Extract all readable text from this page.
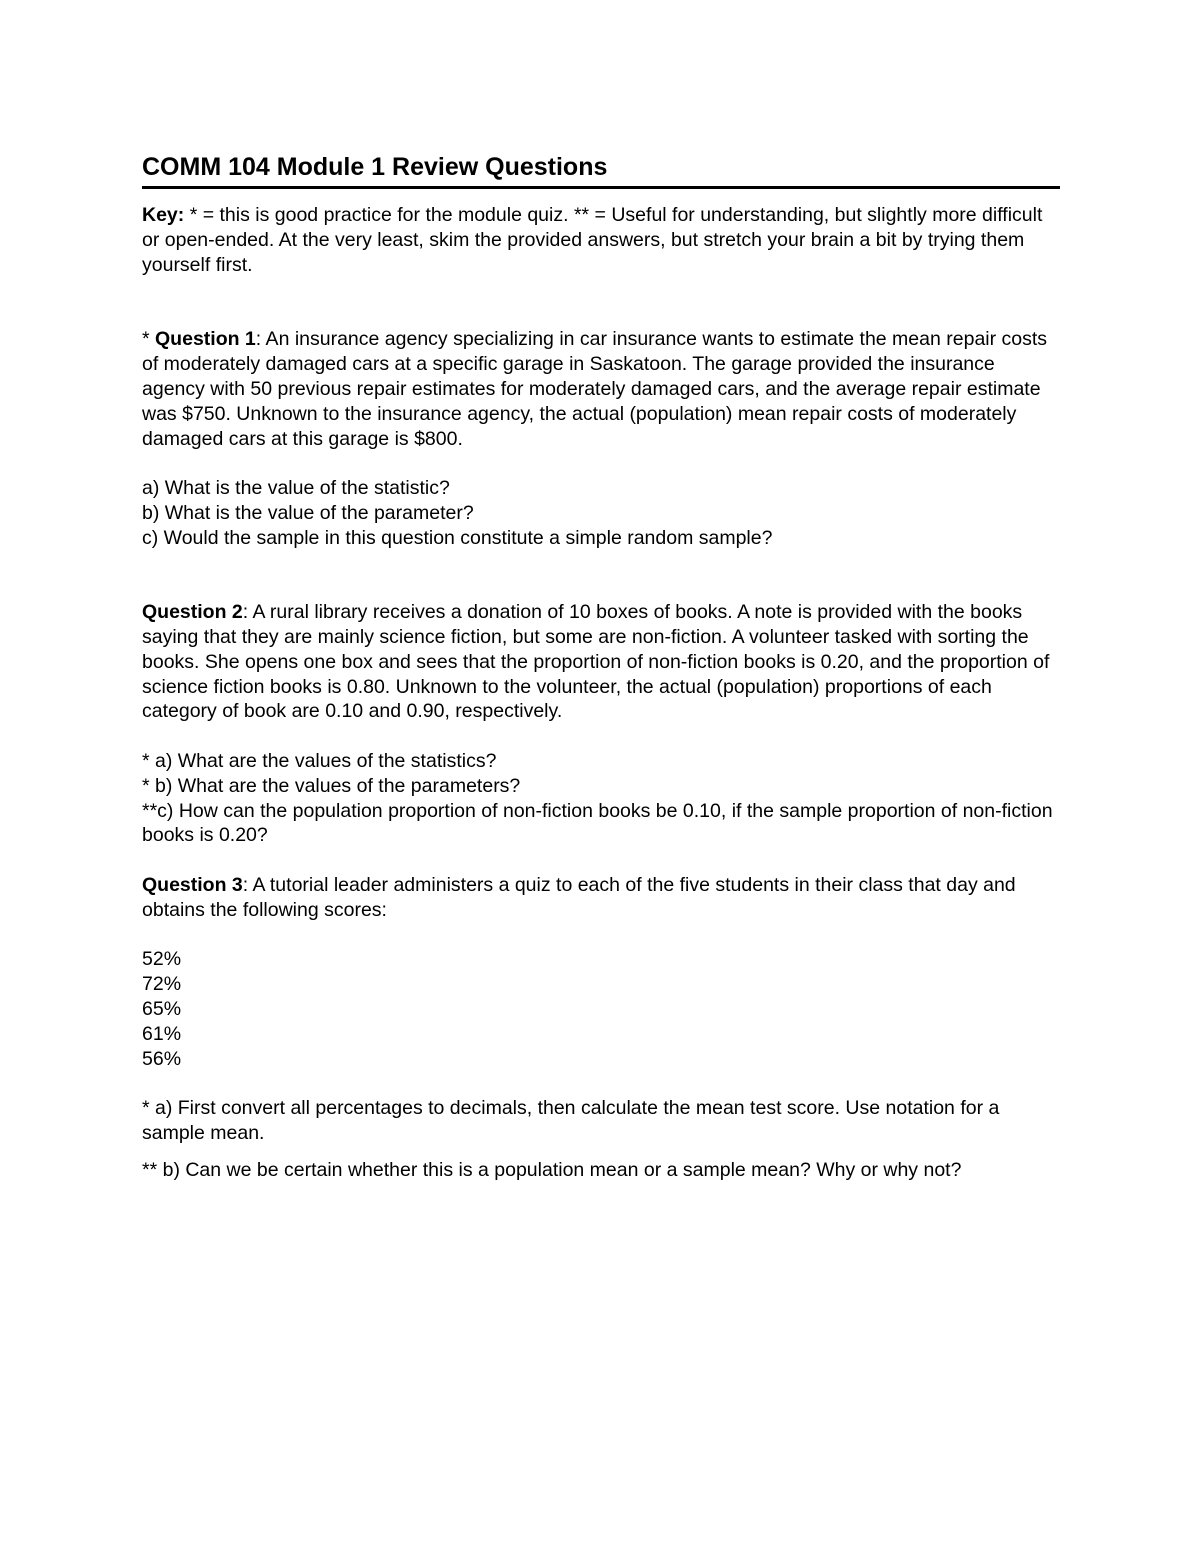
COMM 104 Module 1 Review Questions

Key: * = this is good practice for the module quiz. ** = Useful for understanding, but slightly more difficult or open-ended. At the very least, skim the provided answers, but stretch your brain a bit by trying them yourself first.

* Question 1: An insurance agency specializing in car insurance wants to estimate the mean repair costs of moderately damaged cars at a specific garage in Saskatoon. The garage provided the insurance agency with 50 previous repair estimates for moderately damaged cars, and the average repair estimate was $750. Unknown to the insurance agency, the actual (population) mean repair costs of moderately damaged cars at this garage is $800.

a) What is the value of the statistic?
b) What is the value of the parameter?
c) Would the sample in this question constitute a simple random sample?

Question 2: A rural library receives a donation of 10 boxes of books. A note is provided with the books saying that they are mainly science fiction, but some are non-fiction. A volunteer tasked with sorting the books. She opens one box and sees that the proportion of non-fiction books is 0.20, and the proportion of science fiction books is 0.80. Unknown to the volunteer, the actual (population) proportions of each category of book are 0.10 and 0.90, respectively.

* a) What are the values of the statistics?
* b) What are the values of the parameters?
**c) How can the population proportion of non-fiction books be 0.10, if the sample proportion of non-fiction books is 0.20?

Question 3: A tutorial leader administers a quiz to each of the five students in their class that day and obtains the following scores:

52%
72%
65%
61%
56%

* a) First convert all percentages to decimals, then calculate the mean test score. Use notation for a sample mean.

** b) Can we be certain whether this is a population mean or a sample mean? Why or why not?
